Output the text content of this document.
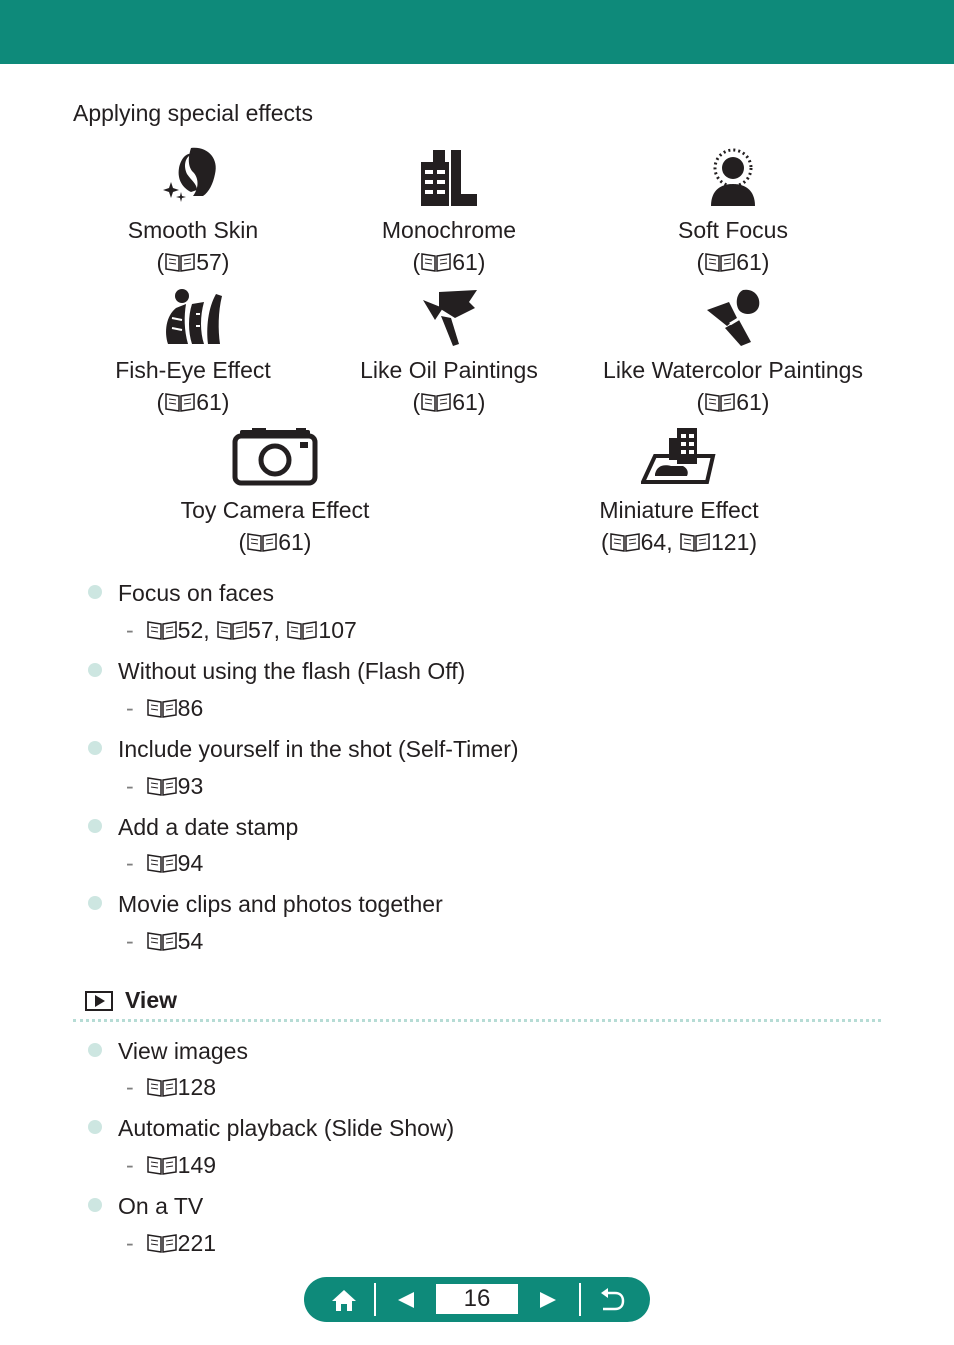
Applying special effects
Smooth Skin
( 57)
Monochrome
( 61)
Soft Focus
( 61)
Fish-Eye Effect
( 61)
Like Oil Paintings
( 61)
Like Watercolor Paintings
( 61)
Toy Camera Effect
( 61)
Miniature Effect
( 64,
121)
Focus on faces
- 52,
57,
107
Without using the flash (Flash Off)
- 86
Include yourself in the shot (Self-Timer)
- 93
Add a date stamp
- 94
Movie clips and photos together
- 54
View
View images
- 128
Automatic playback (Slide Show)
- 149
On a TV
- 221
16
